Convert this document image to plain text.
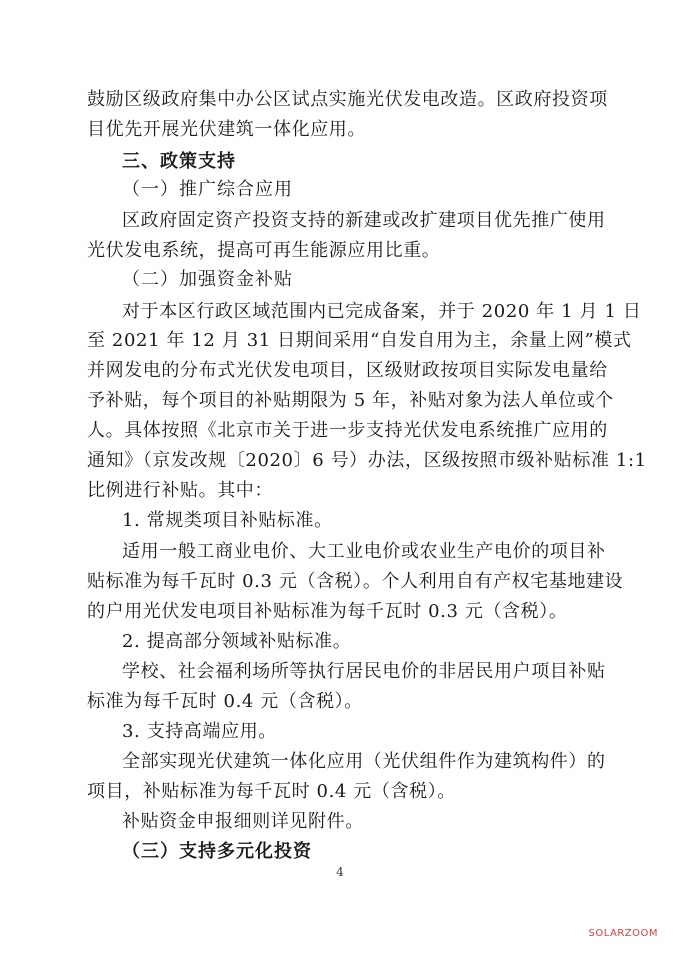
鼓励区级政府集中办公区试点实施光伏发电改造。区政府投资项
目优先开展光伏建筑一体化应用。
三、政策支持
（一）推广综合应用
区政府固定资产投资支持的新建或改扩建项目优先推广使用
光伏发电系统，提高可再生能源应用比重。
（二）加强资金补贴
对于本区行政区域范围内已完成备案，并于 2020 年 1 月 1 日
至 2021 年 12 月 31 日期间采用“自发自用为主，余量上网”模式
并网发电的分布式光伏发电项目，区级财政按项目实际发电量给
予补贴，每个项目的补贴期限为 5 年，补贴对象为法人单位或个
人。具体按照《北京市关于进一步支持光伏发电系统推广应用的
通知》（京发改规〔2020〕6 号）办法，区级按照市级补贴标准 1:1
比例进行补贴。其中：
1. 常规类项目补贴标准。
适用一般工商业电价、大工业电价或农业生产电价的项目补
贴标准为每千瓦时 0.3 元（含税）。个人利用自有产权宅基地建设
的户用光伏发电项目补贴标准为每千瓦时 0.3 元（含税）。
2. 提高部分领域补贴标准。
学校、社会福利场所等执行居民电价的非居民用户项目补贴
标准为每千瓦时 0.4 元（含税）。
3. 支持高端应用。
全部实现光伏建筑一体化应用（光伏组件作为建筑构件）的
项目，补贴标准为每千瓦时 0.4 元（含税）。
补贴资金申报细则详见附件。
（三）支持多元化投资
4
SOLARZOOM
